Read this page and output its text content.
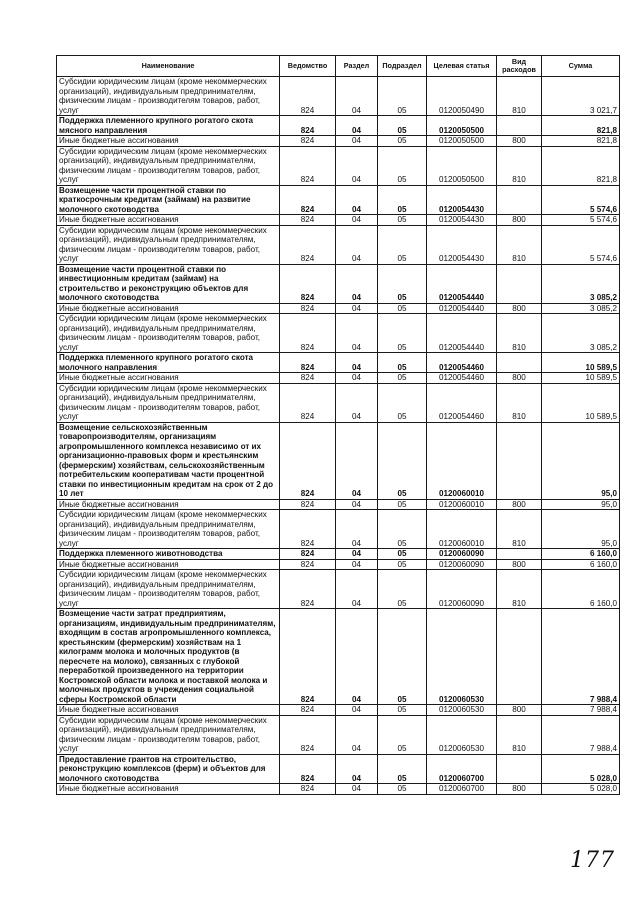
Наименование	Ведомство	Раздел	Подраздел	Целевая статья	Вид расходов	Сумма
Субсидии юридическим лицам (кроме некоммерческих организаций), индивидуальным предпринимателям, физическим лицам - производителям товаров, работ, услуг	824	04	05	0120050490	810	3 021,7
Поддержка племенного крупного рогатого скота мясного направления	824	04	05	0120050500		821,8
Иные бюджетные ассигнования	824	04	05	0120050500	800	821,8
Субсидии юридическим лицам (кроме некоммерческих организаций), индивидуальным предпринимателям, физическим лицам - производителям товаров, работ, услуг	824	04	05	0120050500	810	821,8
Возмещение части процентной ставки по краткосрочным кредитам (займам) на развитие молочного скотоводства	824	04	05	0120054430		5 574,6
Иные бюджетные ассигнования	824	04	05	0120054430	800	5 574,6
Субсидии юридическим лицам (кроме некоммерческих организаций), индивидуальным предпринимателям, физическим лицам - производителям товаров, работ, услуг	824	04	05	0120054430	810	5 574,6
Возмещение части процентной ставки по инвестиционным кредитам (займам) на строительство и реконструкцию объектов для молочного скотоводства	824	04	05	0120054440		3 085,2
Иные бюджетные ассигнования	824	04	05	0120054440	800	3 085,2
Субсидии юридическим лицам (кроме некоммерческих организаций), индивидуальным предпринимателям, физическим лицам - производителям товаров, работ, услуг	824	04	05	0120054440	810	3 085,2
Поддержка племенного крупного рогатого скота молочного направления	824	04	05	0120054460		10 589,5
Иные бюджетные ассигнования	824	04	05	0120054460	800	10 589,5
Субсидии юридическим лицам (кроме некоммерческих организаций), индивидуальным предпринимателям, физическим лицам - производителям товаров, работ, услуг	824	04	05	0120054460	810	10 589,5
Возмещение сельскохозяйственным товаропроизводителям, организациям агропромышленного комплекса независимо от их организационно-правовых форм и крестьянским (фермерским) хозяйствам, сельскохозяйственным потребительским кооперативам части процентной ставки по инвестиционным кредитам на срок от 2 до 10 лет	824	04	05	0120060010		95,0
Иные бюджетные ассигнования	824	04	05	0120060010	800	95,0
Субсидии юридическим лицам (кроме некоммерческих организаций), индивидуальным предпринимателям, физическим лицам - производителям товаров, работ, услуг	824	04	05	0120060010	810	95,0
Поддержка племенного животноводства	824	04	05	0120060090		6 160,0
Иные бюджетные ассигнования	824	04	05	0120060090	800	6 160,0
Субсидии юридическим лицам (кроме некоммерческих организаций), индивидуальным предпринимателям, физическим лицам - производителям товаров, работ, услуг	824	04	05	0120060090	810	6 160,0
Возмещение части затрат предприятиям, организациям, индивидуальным предпринимателям, входящим в состав агропромышленного комплекса, крестьянским (фермерским) хозяйствам на 1 килограмм молока и молочных продуктов (в пересчете на молоко), связанных с глубокой переработкой произведенного на территории Костромской области молока и поставкой молока и молочных продуктов в учреждения социальной сферы Костромской области	824	04	05	0120060530		7 988,4
Иные бюджетные ассигнования	824	04	05	0120060530	800	7 988,4
Субсидии юридическим лицам (кроме некоммерческих организаций), индивидуальным предпринимателям, физическим лицам - производителям товаров, работ, услуг	824	04	05	0120060530	810	7 988,4
Предоставление грантов на строительство, реконструкцию комплексов (ферм) и объектов для молочного скотоводства	824	04	05	0120060700		5 028,0
Иные бюджетные ассигнования	824	04	05	0120060700	800	5 028,0
177
